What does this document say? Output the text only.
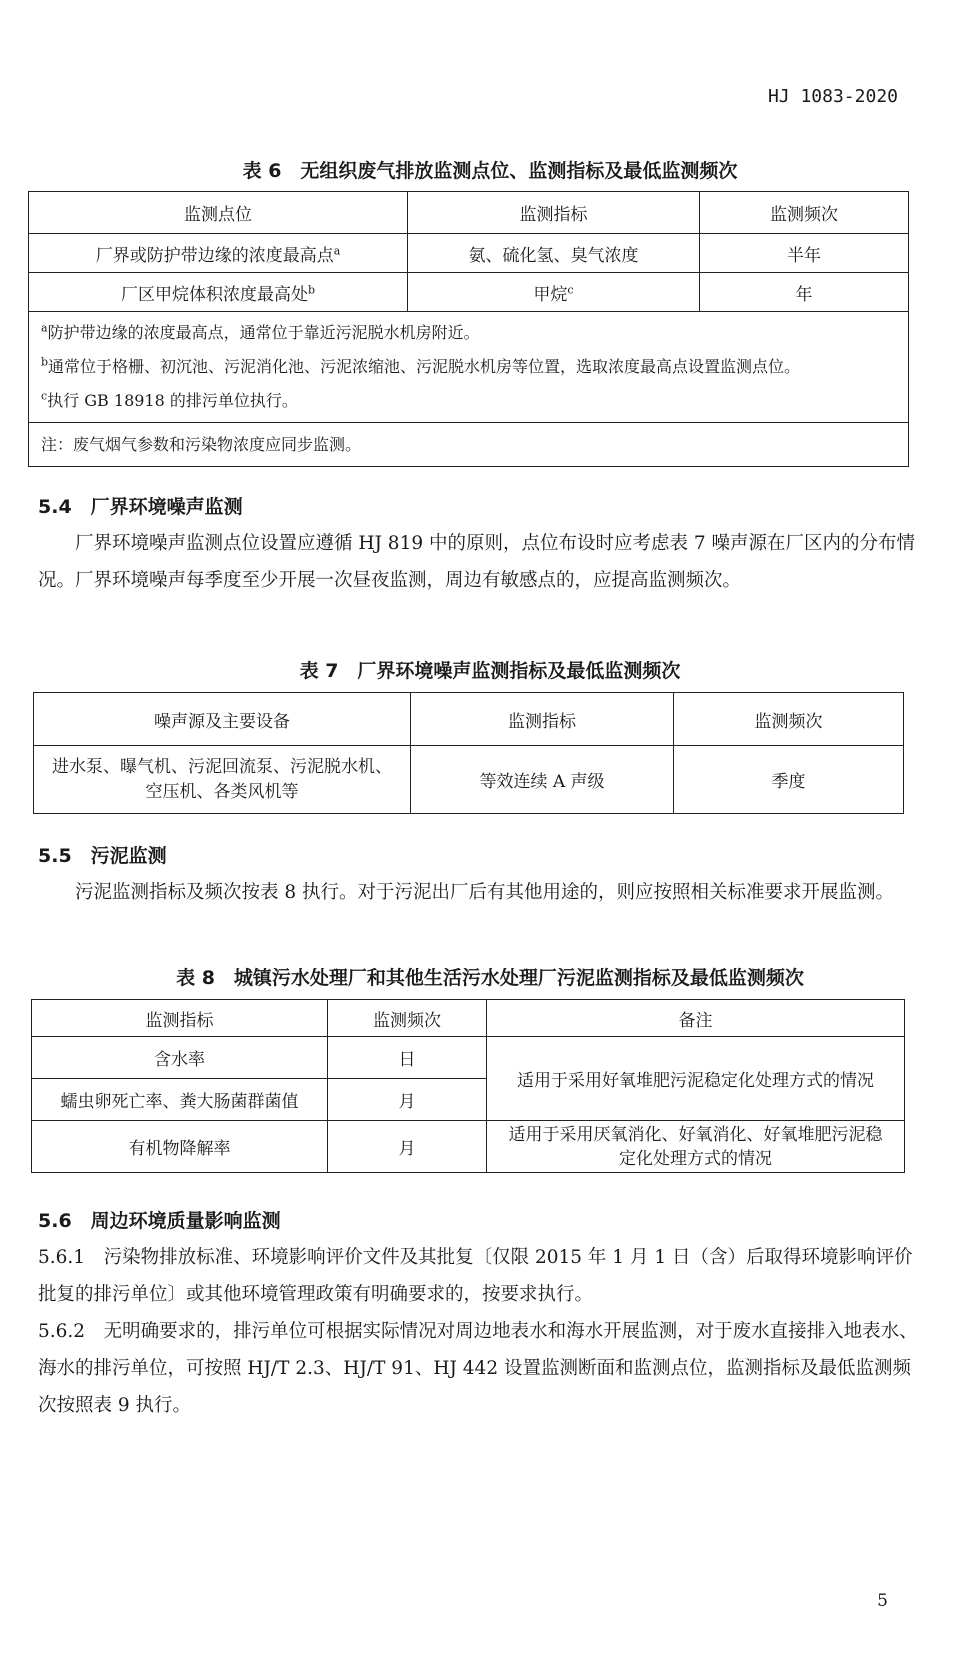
HJ 1083-2020
表 6　无组织废气排放监测点位、监测指标及最低监测频次
监测点位	监测指标	监测频次
厂界或防护带边缘的浓度最高点$^a$	氨、硫化氢、臭气浓度	半年
厂区甲烷体积浓度最高处$^b$	甲烷$^c$	年

$^a$防护带边缘的浓度最高点，通常位于靠近污泥脱水机房附近。
$^b$通常位于格栅、初沉池、污泥消化池、污泥浓缩池、污泥脱水机房等位置，选取浓度最高点设置监测点位。
$^c$执行 GB 18918 的排污单位执行。		

注：废气烟气参数和污染物浓度应同步监测。		
5.4　厂界环境噪声监测
厂界环境噪声监测点位设置应遵循 HJ 819 中的原则，点位布设时应考虑表 7 噪声源在厂区内的分布情况。厂界环境噪声每季度至少开展一次昼夜监测，周边有敏感点的，应提高监测频次。
表 7　厂界环境噪声监测指标及最低监测频次
噪声源及主要设备	监测指标	监测频次

进水泵、曝气机、污泥回流泵、污泥脱水机、
空压机、各类风机等	等效连续 A 声级	季度
5.5　污泥监测
污泥监测指标及频次按表 8 执行。对于污泥出厂后有其他用途的，则应按照相关标准要求开展监测。
表 8　城镇污水处理厂和其他生活污水处理厂污泥监测指标及最低监测频次
监测指标	监测频次	备注
含水率	日	适用于采用好氧堆肥污泥稳定化处理方式的情况
蠕虫卵死亡率、粪大肠菌群菌值	月	
有机物降解率	月	适用于采用厌氧消化、好氧消化、好氧堆肥污泥稳
定化处理方式的情况
5.6　周边环境质量影响监测
5.6.1　污染物排放标准、环境影响评价文件及其批复〔仅限 2015 年 1 月 1 日（含）后取得环境影响评价批复的排污单位〕或其他环境管理政策有明确要求的，按要求执行。
5.6.2　无明确要求的，排污单位可根据实际情况对周边地表水和海水开展监测，对于废水直接排入地表水、海水的排污单位，可按照 HJ/T 2.3、HJ/T 91、HJ 442 设置监测断面和监测点位，监测指标及最低监测频次按照表 9 执行。
5
